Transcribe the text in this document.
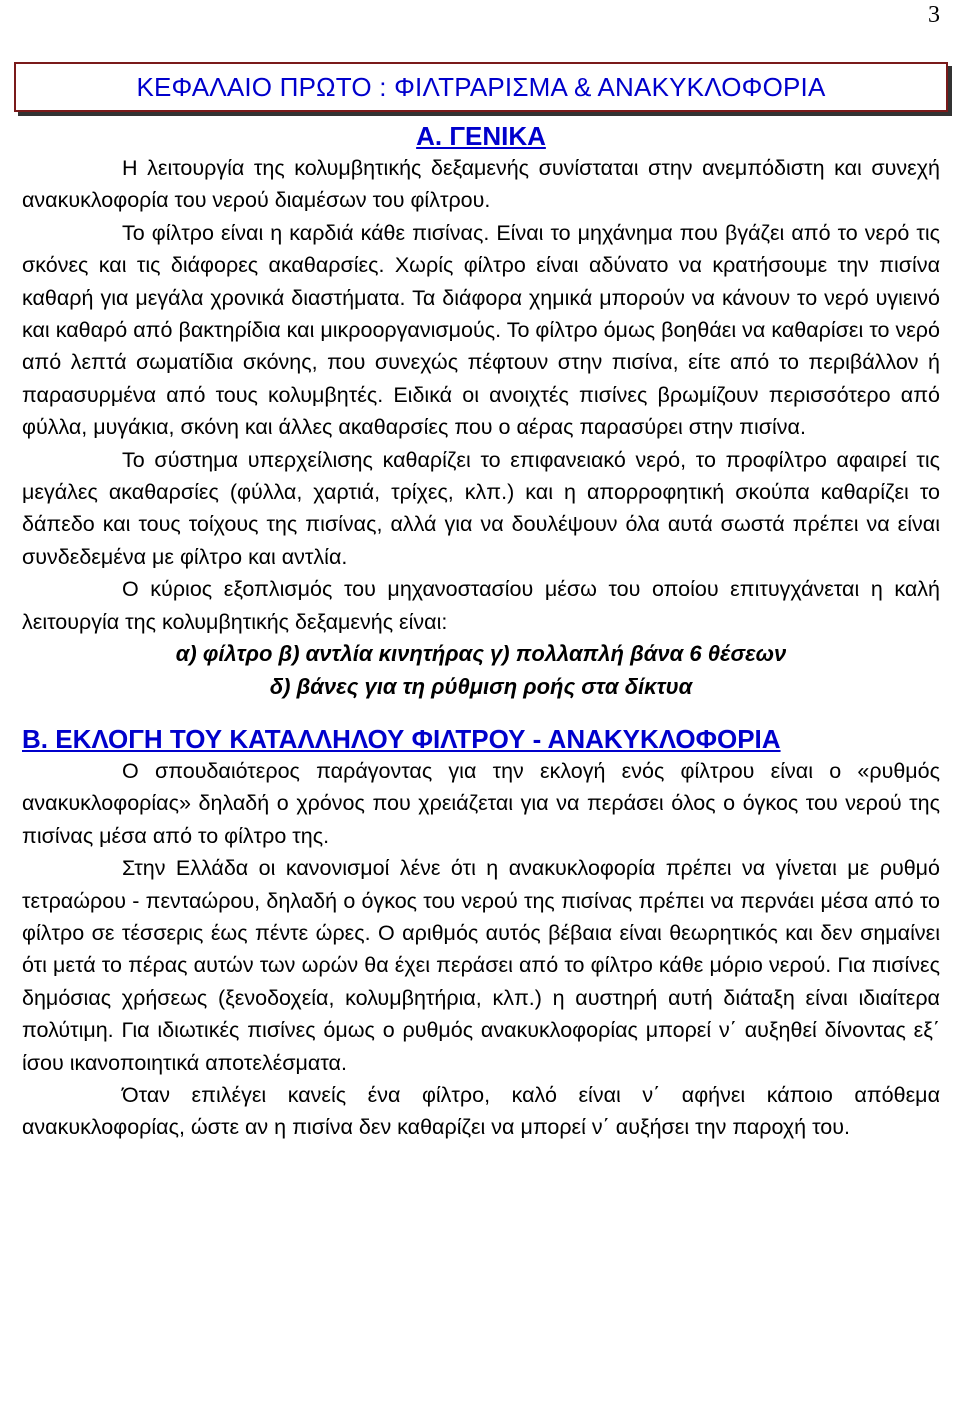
3
ΚΕΦΑΛΑΙΟ ΠΡΩΤΟ : ΦΙΛΤΡΑΡΙΣΜΑ & ΑΝΑΚΥΚΛΟΦΟΡΙΑ
Α. ΓΕΝΙΚΑ

Η λειτουργία της κολυμβητικής δεξαμενής συνίσταται στην ανεμπόδιστη και συνεχή ανακυκλοφορία του νερού διαμέσων του φίλτρου.

Το φίλτρο είναι η καρδιά κάθε πισίνας. Είναι το μηχάνημα που βγάζει από το νερό τις σκόνες και τις διάφορες ακαθαρσίες. Χωρίς φίλτρο είναι αδύνατο να κρατήσουμε την πισίνα καθαρή για μεγάλα χρονικά διαστήματα. Τα διάφορα χημικά μπορούν να κάνουν το νερό υγιεινό και καθαρό από βακτηρίδια και μικροοργανισμούς. Το φίλτρο όμως βοηθάει να καθαρίσει το νερό από λεπτά σωματίδια σκόνης, που συνεχώς πέφτουν στην πισίνα, είτε από το περιβάλλον ή παρασυρμένα από τους κολυμβητές. Ειδικά οι ανοιχτές πισίνες βρωμίζουν περισσότερο από φύλλα, μυγάκια, σκόνη και άλλες ακαθαρσίες που ο αέρας παρασύρει στην πισίνα.

Το σύστημα υπερχείλισης καθαρίζει το επιφανειακό νερό, το προφίλτρο αφαιρεί τις μεγάλες ακαθαρσίες (φύλλα, χαρτιά, τρίχες, κλπ.) και η απορροφητική σκούπα καθαρίζει το δάπεδο και τους τοίχους της πισίνας, αλλά για να δουλέψουν όλα αυτά σωστά πρέπει να είναι συνδεδεμένα με φίλτρο και αντλία.

Ο κύριος εξοπλισμός του μηχανοστασίου μέσω του οποίου επιτυγχάνεται η καλή λειτουργία της κολυμβητικής δεξαμενής είναι:

α) φίλτρο β) αντλία κινητήρας γ) πολλαπλή βάνα 6 θέσεων

δ) βάνες για τη ρύθμιση ροής στα δίκτυα

Β. ΕΚΛΟΓΗ ΤΟΥ ΚΑΤΑΛΛΗΛΟΥ ΦΙΛΤΡΟΥ - ΑΝΑΚΥΚΛΟΦΟΡΙΑ

Ο σπουδαιότερος παράγοντας για την εκλογή ενός φίλτρου είναι ο «ρυθμός ανακυκλοφορίας» δηλαδή ο χρόνος που χρειάζεται για να περάσει όλος ο όγκος του νερού της πισίνας μέσα από το φίλτρο της.

Στην Ελλάδα οι κανονισμοί λένε ότι η ανακυκλοφορία πρέπει να γίνεται με ρυθμό τετραώρου - πενταώρου, δηλαδή ο όγκος του νερού της πισίνας πρέπει να περνάει μέσα από το φίλτρο σε τέσσερις έως πέντε ώρες. Ο αριθμός αυτός βέβαια είναι θεωρητικός και δεν σημαίνει ότι μετά το πέρας αυτών των ωρών θα έχει περάσει από το φίλτρο κάθε μόριο νερού. Για πισίνες δημόσιας χρήσεως (ξενοδοχεία, κολυμβητήρια, κλπ.) η αυστηρή αυτή διάταξη είναι ιδιαίτερα πολύτιμη. Για ιδιωτικές πισίνες όμως ο ρυθμός ανακυκλοφορίας μπορεί ν΄ αυξηθεί δίνοντας εξ΄ ίσου ικανοποιητικά αποτελέσματα.

Όταν επιλέγει κανείς ένα φίλτρο, καλό είναι ν΄ αφήνει κάποιο απόθεμα ανακυκλοφορίας, ώστε αν η πισίνα δεν καθαρίζει να μπορεί ν΄ αυξήσει την παροχή του.
